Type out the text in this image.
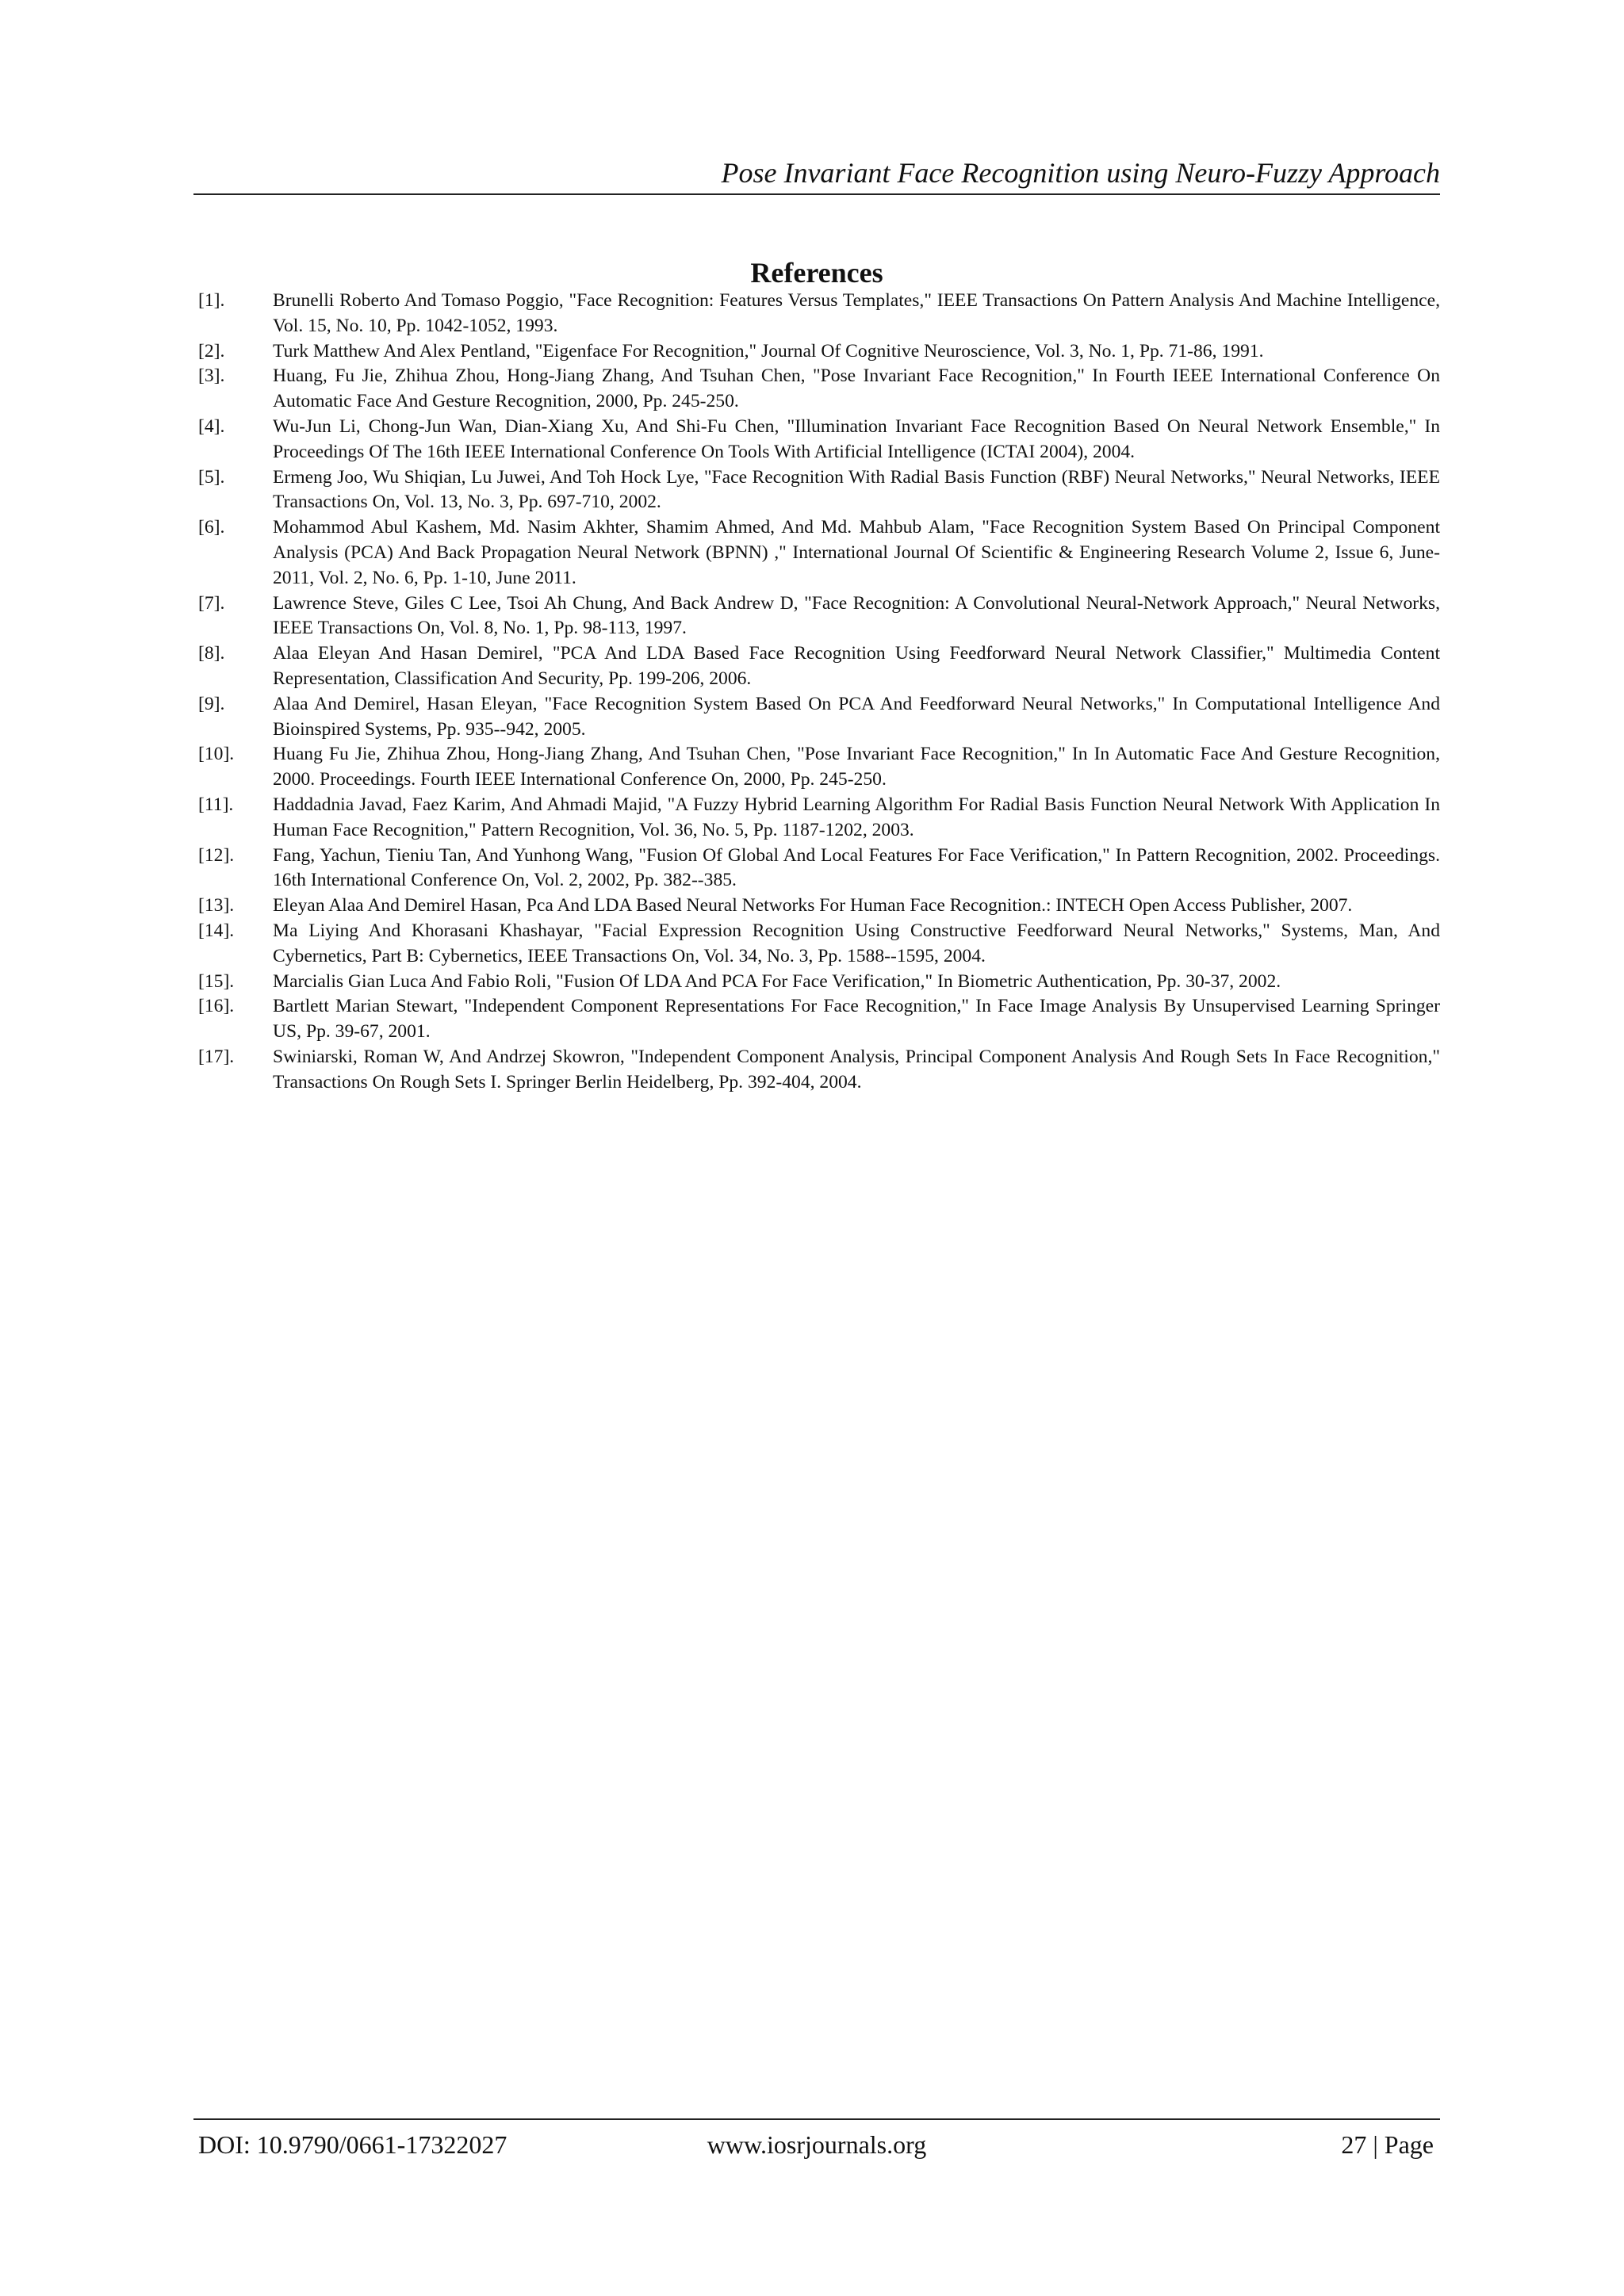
Pose Invariant Face Recognition using Neuro-Fuzzy Approach
References
[1].	Brunelli Roberto And Tomaso Poggio, "Face Recognition: Features Versus Templates," IEEE Transactions On Pattern Analysis And Machine Intelligence, Vol. 15, No. 10, Pp. 1042-1052, 1993.
[2].	Turk Matthew And Alex Pentland, "Eigenface For Recognition," Journal Of Cognitive Neuroscience, Vol. 3, No. 1, Pp. 71-86, 1991.
[3].	Huang, Fu Jie, Zhihua Zhou, Hong-Jiang Zhang, And Tsuhan Chen, "Pose Invariant Face Recognition," In Fourth IEEE International Conference On Automatic Face And Gesture Recognition, 2000, Pp. 245-250.
[4].	Wu-Jun Li, Chong-Jun Wan, Dian-Xiang Xu, And Shi-Fu Chen, "Illumination Invariant Face Recognition Based On Neural Network Ensemble," In Proceedings Of The 16th IEEE International Conference On Tools With Artificial Intelligence (ICTAI 2004), 2004.
[5].	Ermeng Joo, Wu Shiqian, Lu Juwei, And Toh Hock Lye, "Face Recognition With Radial Basis Function (RBF) Neural Networks," Neural Networks, IEEE Transactions On, Vol. 13, No. 3, Pp. 697-710, 2002.
[6].	Mohammod Abul Kashem, Md. Nasim Akhter, Shamim Ahmed, And Md. Mahbub Alam, "Face Recognition System Based On Principal Component Analysis (PCA) And Back Propagation Neural Network (BPNN) ," International Journal Of Scientific & Engineering Research Volume 2, Issue 6, June-2011, Vol. 2, No. 6, Pp. 1-10, June 2011.
[7].	Lawrence Steve, Giles C Lee, Tsoi Ah Chung, And Back Andrew D, "Face Recognition: A Convolutional Neural-Network Approach," Neural Networks, IEEE Transactions On, Vol. 8, No. 1, Pp. 98-113, 1997.
[8].	Alaa Eleyan And Hasan Demirel, "PCA And LDA Based Face Recognition Using Feedforward Neural Network Classifier," Multimedia Content Representation, Classification And Security, Pp. 199-206, 2006.
[9].	Alaa And Demirel, Hasan Eleyan, "Face Recognition System Based On PCA And Feedforward Neural Networks," In Computational Intelligence And Bioinspired Systems, Pp. 935--942, 2005.
[10].	Huang Fu Jie, Zhihua Zhou, Hong-Jiang Zhang, And Tsuhan Chen, "Pose Invariant Face Recognition," In In Automatic Face And Gesture Recognition, 2000. Proceedings. Fourth IEEE International Conference On, 2000, Pp. 245-250.
[11].	Haddadnia Javad, Faez Karim, And Ahmadi Majid, "A Fuzzy Hybrid Learning Algorithm For Radial Basis Function Neural Network With Application In Human Face Recognition," Pattern Recognition, Vol. 36, No. 5, Pp. 1187-1202, 2003.
[12].	Fang, Yachun, Tieniu Tan, And Yunhong Wang, "Fusion Of Global And Local Features For Face Verification," In Pattern Recognition, 2002. Proceedings. 16th International Conference On, Vol. 2, 2002, Pp. 382--385.
[13].	Eleyan Alaa And Demirel Hasan, Pca And LDA Based Neural Networks For Human Face Recognition.: INTECH Open Access Publisher, 2007.
[14].	Ma Liying And Khorasani Khashayar, "Facial Expression Recognition Using Constructive Feedforward Neural Networks," Systems, Man, And Cybernetics, Part B: Cybernetics, IEEE Transactions On, Vol. 34, No. 3, Pp. 1588--1595, 2004.
[15].	Marcialis Gian Luca And Fabio Roli, "Fusion Of LDA And PCA For Face Verification," In Biometric Authentication, Pp. 30-37, 2002.
[16].	Bartlett Marian Stewart, "Independent Component Representations For Face Recognition," In Face Image Analysis By Unsupervised Learning Springer US, Pp. 39-67, 2001.
[17].	Swiniarski, Roman W, And Andrzej Skowron, "Independent Component Analysis, Principal Component Analysis And Rough Sets In Face Recognition," Transactions On Rough Sets I. Springer Berlin Heidelberg, Pp. 392-404, 2004.
DOI: 10.9790/0661-17322027	www.iosrjournals.org	27 | Page
